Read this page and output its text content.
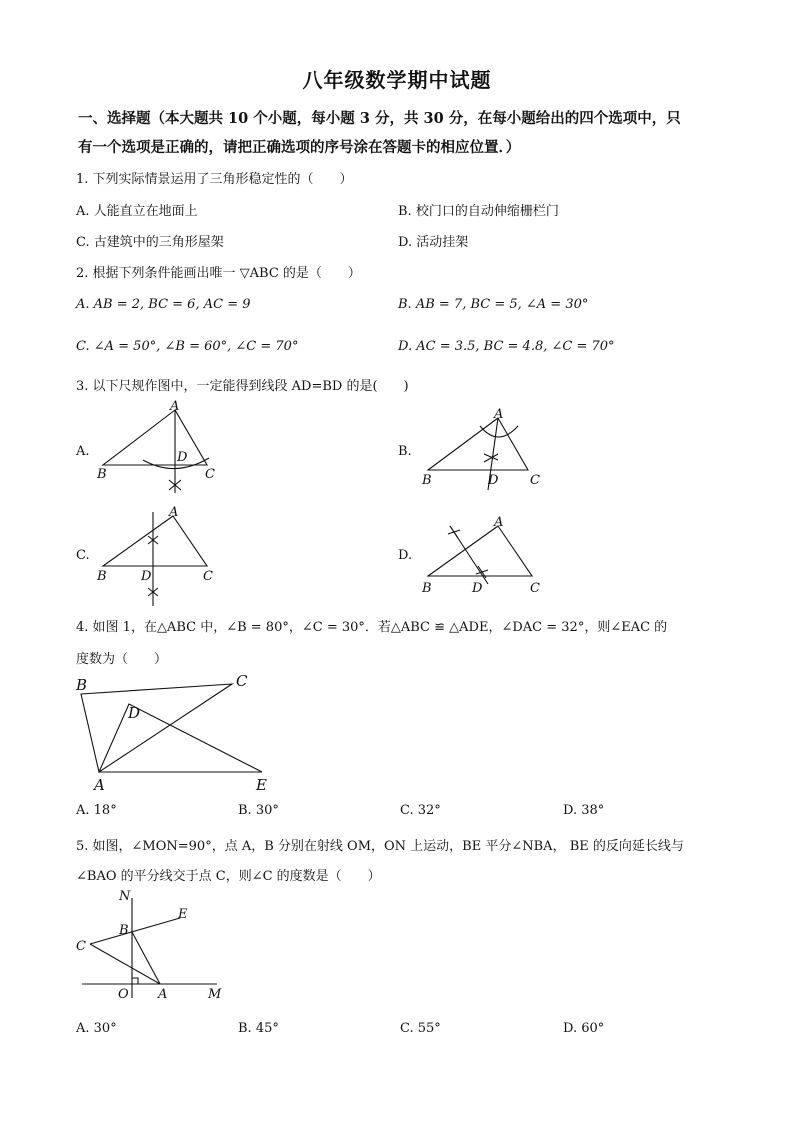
八年级数学期中试题
一、选择题（本大题共 10 个小题，每小题 3 分，共 30 分，在每小题给出的四个选项中，只
有一个选项是正确的，请把正确选项的序号涂在答题卡的相应位置．）
1. 下列实际情景运用了三角形稳定性的（　　）
A. 人能直立在地面上	B. 校门口的自动伸缩栅栏门
C. 古建筑中的三角形屋架	D. 活动挂架
2. 根据下列条件能画出唯一 ▽ABC 的是（　　）
A. AB = 2, BC = 6, AC = 9	B. AB = 7, BC = 5, ∠A = 30°
C. ∠A = 50°, ∠B = 60°, ∠C = 70°	D. AC = 3.5, BC = 4.8, ∠C = 70°
3. 以下尺规作图中，一定能得到线段 AD=BD 的是(　　)
A.	B.
C.	D.
A
B	C
D
A
B	C
D
A
B	C
D
A
B	C
D
4. 如图 1，在△ABC 中，∠B = 80°，∠C = 30°．若△ABC ≌ △ADE，∠DAC = 32°，则∠EAC 的
度数为（　　）
B	C
D
A	E
A. 18°	B. 30°	C. 32°	D. 38°
5. 如图，∠MON=90°，点 A，B 分别在射线 OM，ON 上运动，BE 平分∠NBA， BE 的反向延长线与
∠BAO 的平分线交于点 C，则∠C 的度数是（　　）
N
E
B
C
O A	M
A. 30°	B. 45°	C. 55°	D. 60°
